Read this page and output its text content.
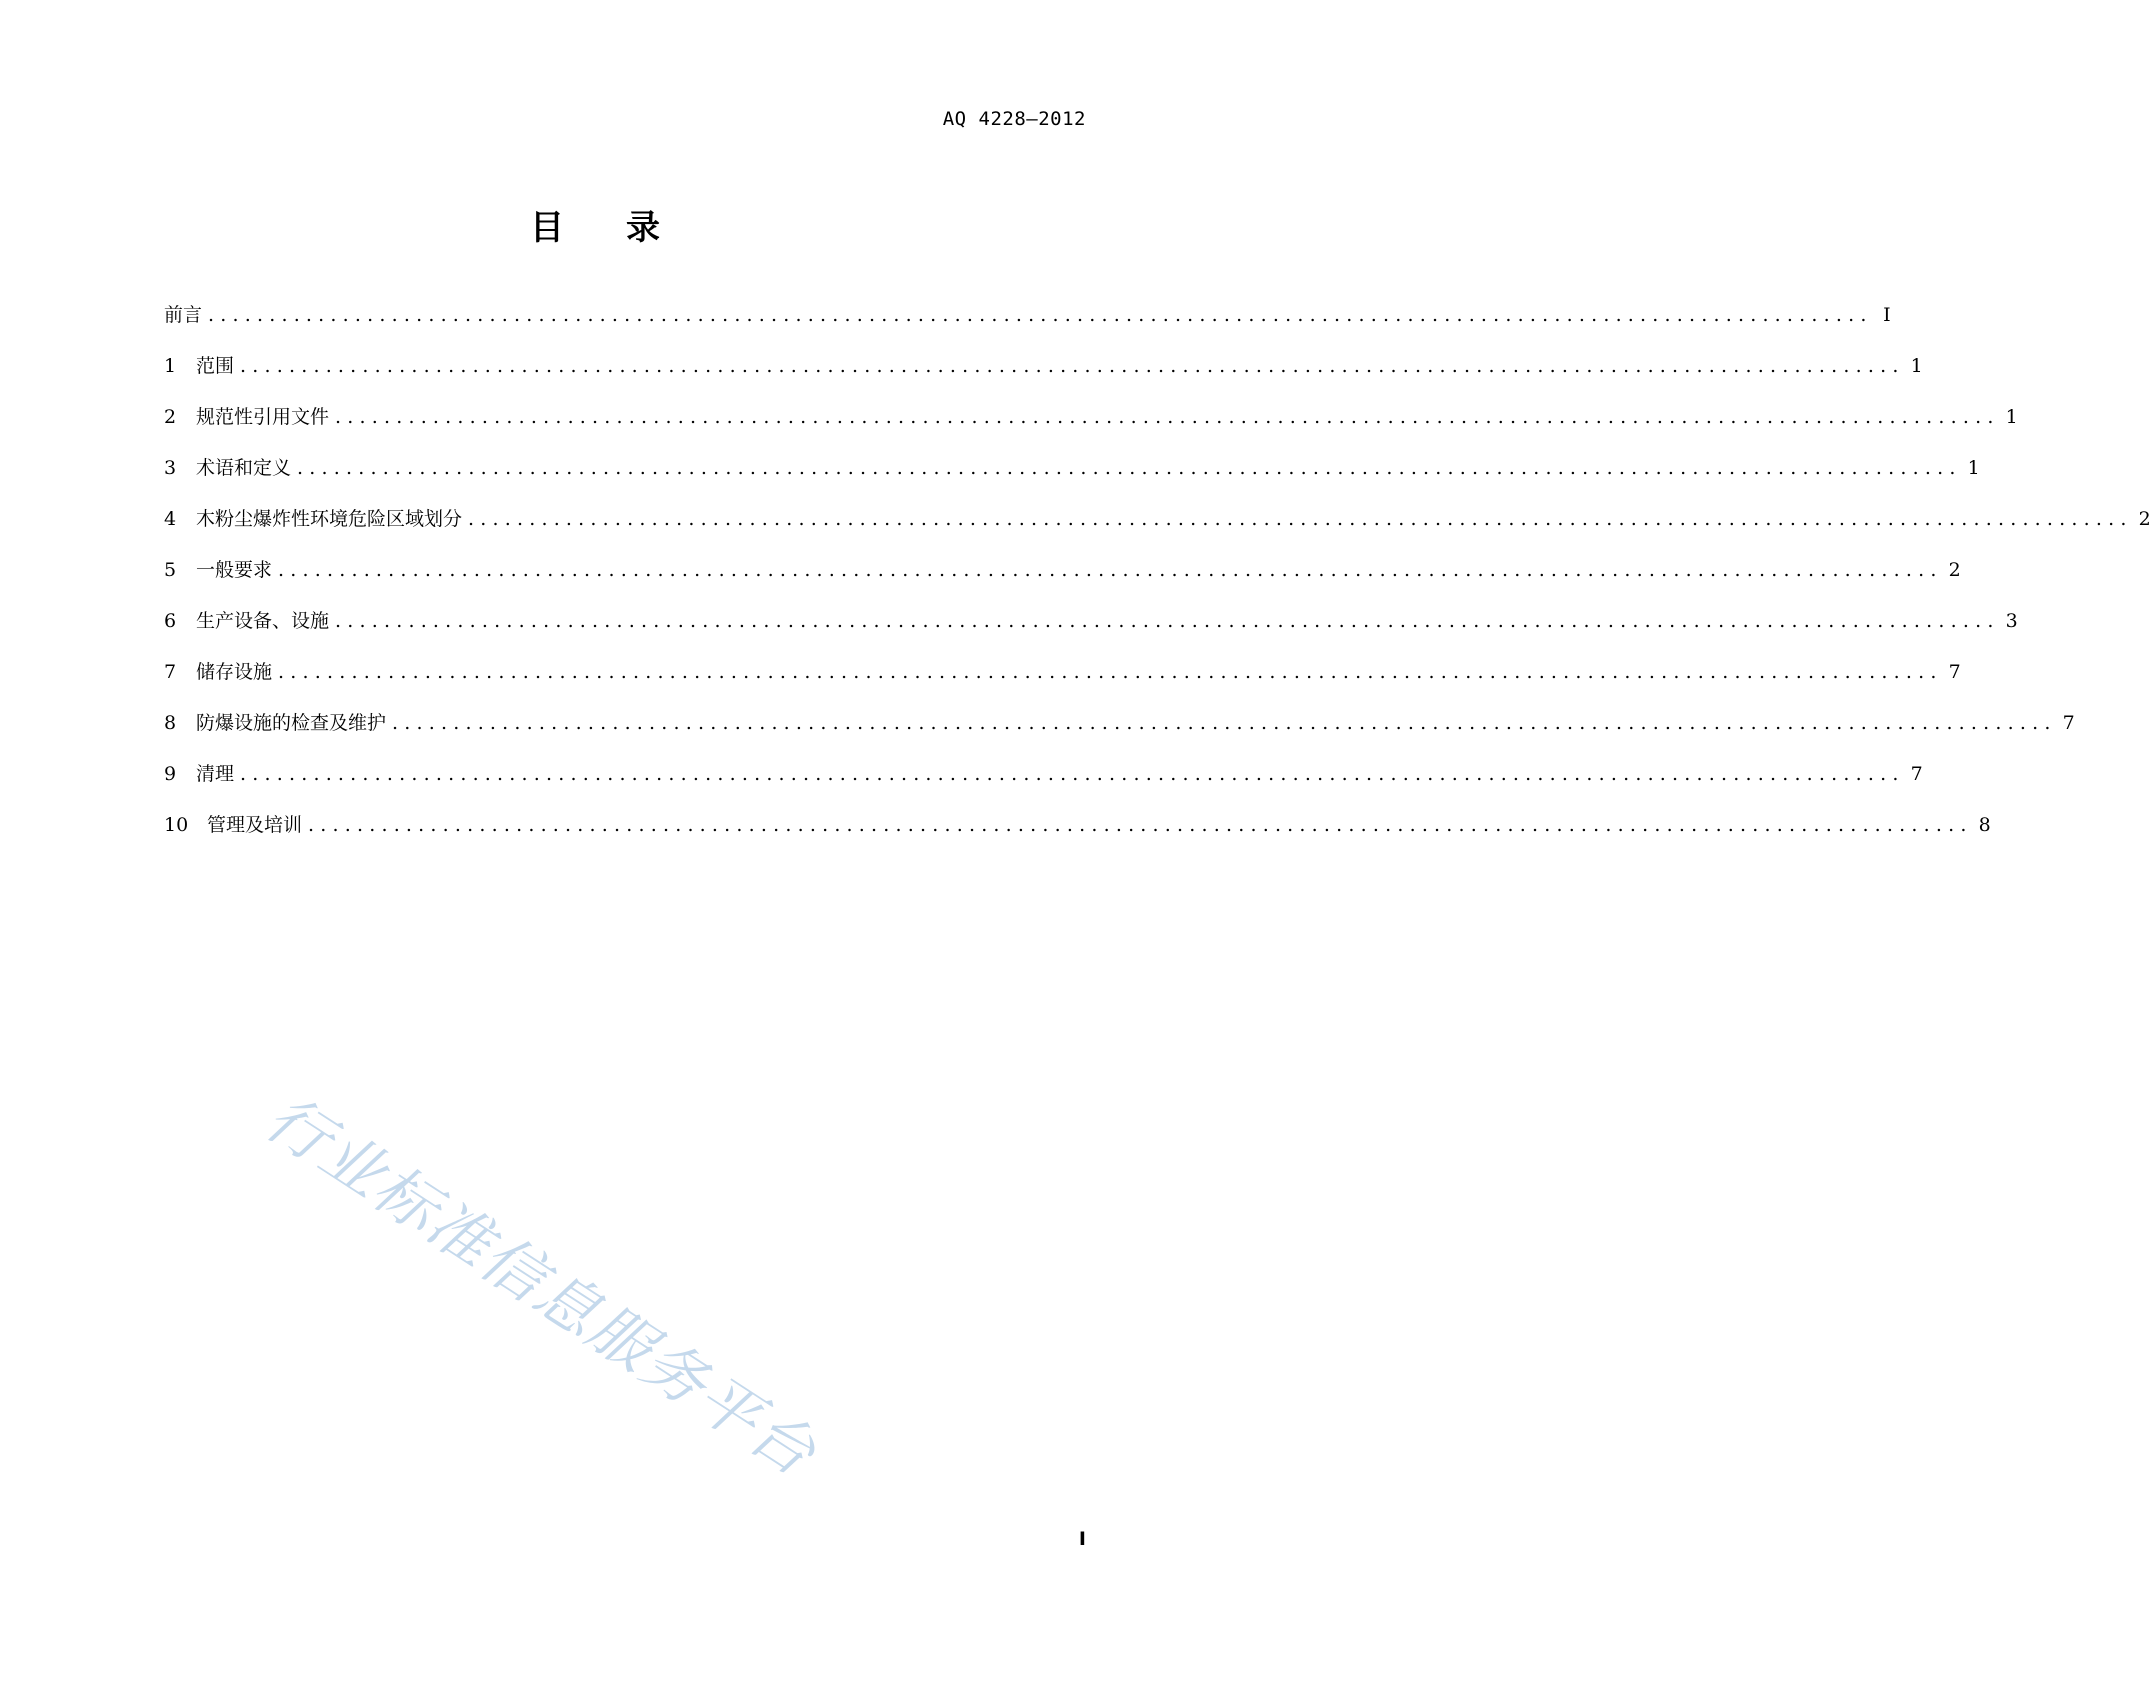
AQ 4228—2012
目 录
前言 ........................................................................................................................................ I
1	范围 ........................................................................................................................................ 1
2	规范性引用文件 ........................................................................................................................................ 1
3	术语和定义 ........................................................................................................................................ 1
4	木粉尘爆炸性环境危险区域划分 ........................................................................................................................................ 2
5	一般要求 ........................................................................................................................................ 2
6	生产设备、设施 ........................................................................................................................................ 3
7	储存设施 ........................................................................................................................................ 7
8	防爆设施的检查及维护 ........................................................................................................................................ 7
9	清理 ........................................................................................................................................ 7
10 管理及培训 ........................................................................................................................................ 8
行业标准信息服务平台
I
